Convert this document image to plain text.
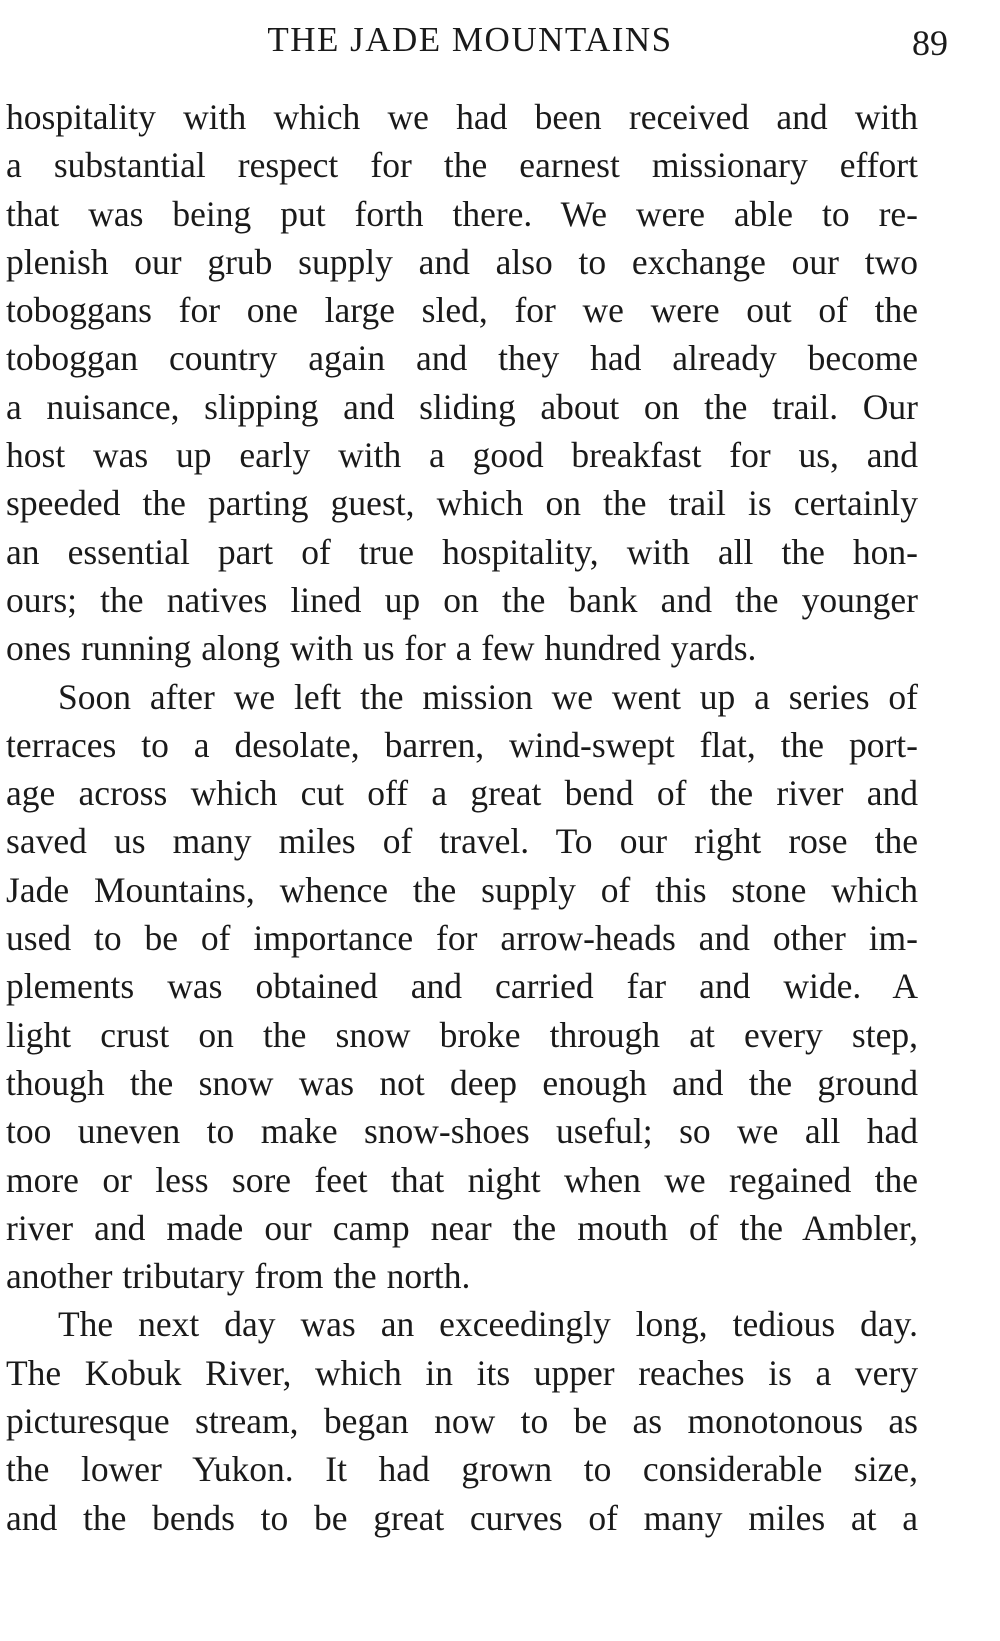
THE JADE MOUNTAINS	89
hospitality with which we had been received and with
a substantial respect for the earnest missionary effort
that was being put forth there. We were able to re-
plenish our grub supply and also to exchange our two
toboggans for one large sled, for we were out of the
toboggan country again and they had already become
a nuisance, slipping and sliding about on the trail. Our
host was up early with a good breakfast for us, and
speeded the parting guest, which on the trail is certainly
an essential part of true hospitality, with all the hon-
ours; the natives lined up on the bank and the younger
ones running along with us for a few hundred yards.
Soon after we left the mission we went up a series of
terraces to a desolate, barren, wind-swept flat, the port-
age across which cut off a great bend of the river and
saved us many miles of travel. To our right rose the
Jade Mountains, whence the supply of this stone which
used to be of importance for arrow-heads and other im-
plements was obtained and carried far and wide. A
light crust on the snow broke through at every step,
though the snow was not deep enough and the ground
too uneven to make snow-shoes useful; so we all had
more or less sore feet that night when we regained the
river and made our camp near the mouth of the Ambler,
another tributary from the north.
The next day was an exceedingly long, tedious day.
The Kobuk River, which in its upper reaches is a very
picturesque stream, began now to be as monotonous as
the lower Yukon. It had grown to considerable size,
and the bends to be great curves of many miles at a
